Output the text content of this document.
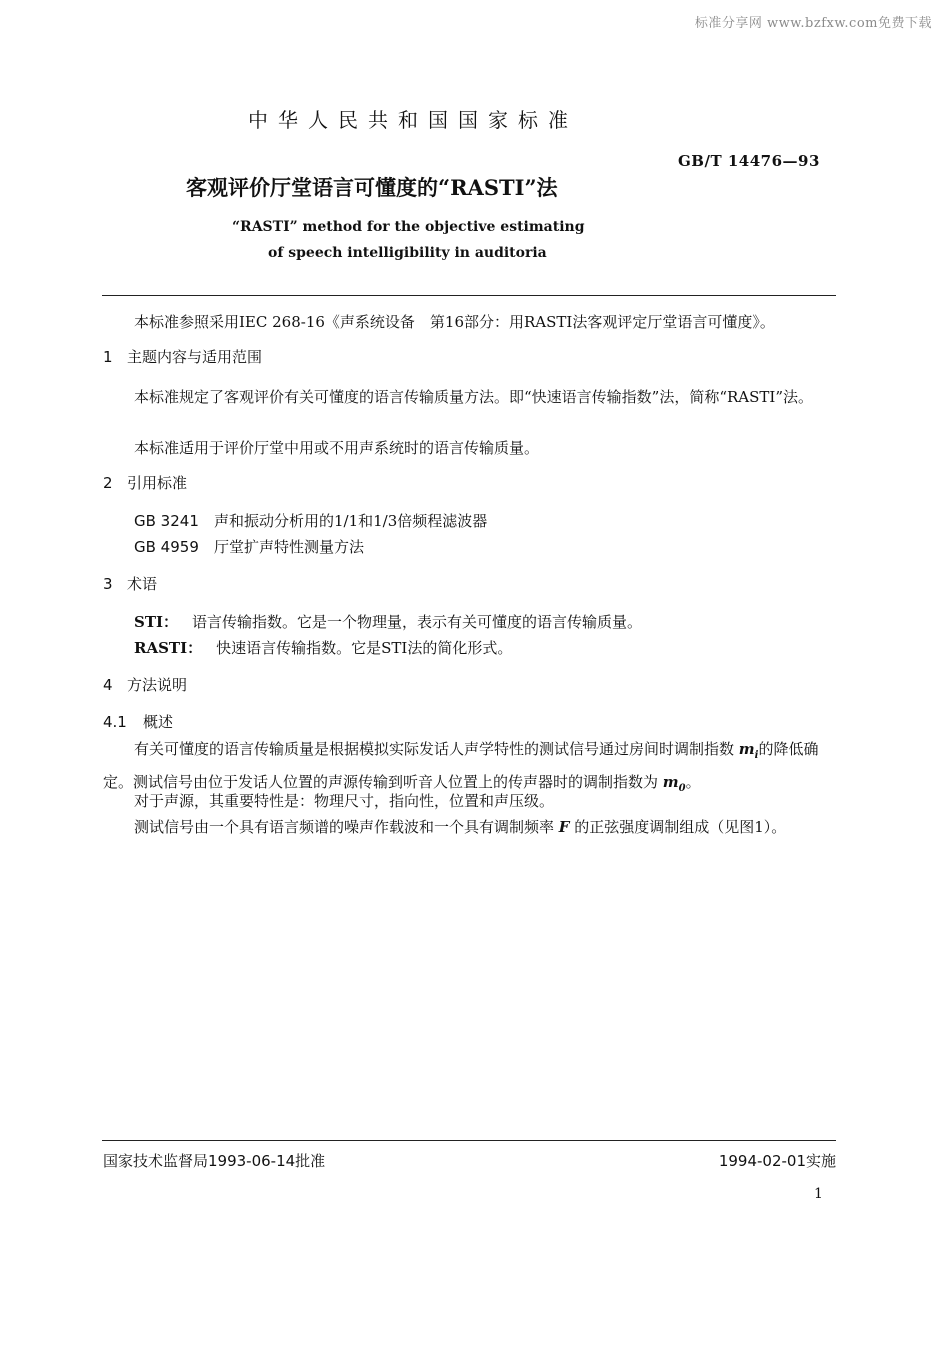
标准分享网 www.bzfxw.com免费下载
中华人民共和国国家标准
GB/T 14476—93
客观评价厅堂语言可懂度的“RASTI”法
“RASTI” method for the objective estimating
of speech intelligibility in auditoria
本标准参照采用IEC 268-16《声系统设备　第16部分：用RASTI法客观评定厅堂语言可懂度》。
1 主题内容与适用范围
本标准规定了客观评价有关可懂度的语言传输质量方法。即“快速语言传输指数”法，简称“RASTI”法。
本标准适用于评价厅堂中用或不用声系统时的语言传输质量。
2 引用标准
GB 3241 声和振动分析用的1/1和1/3倍频程滤波器
GB 4959 厅堂扩声特性测量方法
3 术语
STI： 语言传输指数。它是一个物理量，表示有关可懂度的语言传输质量。
RASTI： 快速语言传输指数。它是STI法的简化形式。
4 方法说明
4.1 概述
有关可懂度的语言传输质量是根据模拟实际发话人声学特性的测试信号通过房间时调制指数 $m_i$的降低确定。测试信号由位于发话人位置的声源传输到听音人位置上的传声器时的调制指数为 $m_0$。
对于声源，其重要特性是：物理尺寸，指向性，位置和声压级。
测试信号由一个具有语言频谱的噪声作载波和一个具有调制频率 F 的正弦强度调制组成（见图1）。
国家技术监督局1993-06-14批准	1994-02-01实施
1
